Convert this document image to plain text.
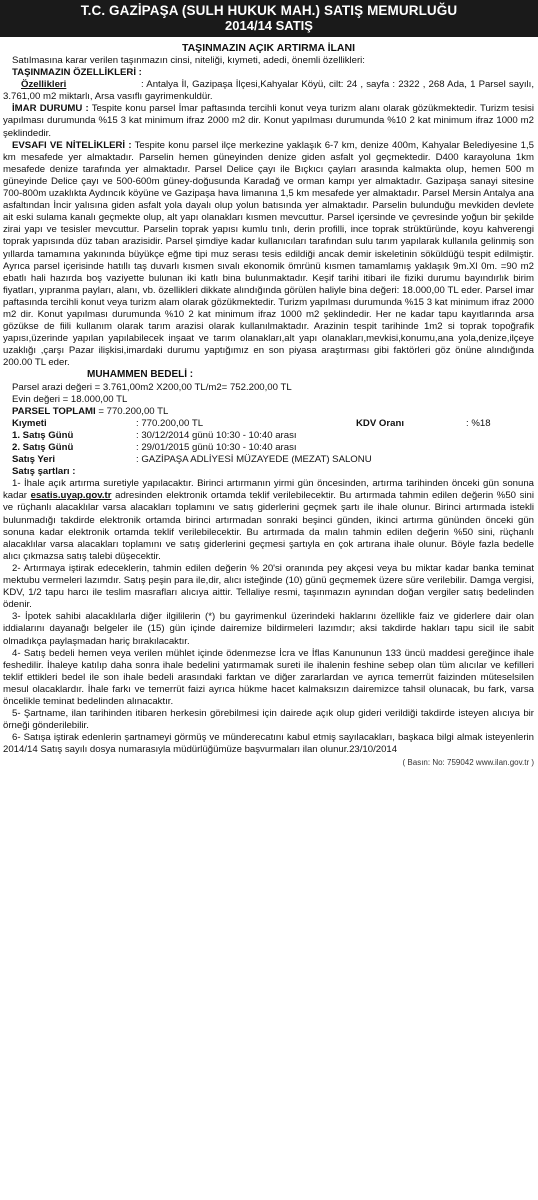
T.C. GAZİPAŞA (SULH HUKUK MAH.) SATIŞ MEMURLUĞU
2014/14 SATIŞ
TAŞINMAZIN AÇIK ARTIRMA İLANI

Satılmasına karar verilen taşınmazın cinsi, niteliği, kıymeti, adedi, önemli özellikleri:

TAŞINMAZIN ÖZELLİKLERİ :

Özellikleri	: Antalya İl, Gazipaşa İlçesi,Kahyalar Köyü, cilt: 24 , sayfa : 2322 , 268 Ada, 1 Parsel sayılı, 3.761,00 m2 miktarlı, Arsa vasıflı gayrimenkuldür.

İMAR DURUMU : Tespite konu parsel İmar paftasında tercihli konut veya turizm alanı olarak gözükmektedir. Turizm tesisi yapılması durumunda %15 3 kat minimum ifraz 2000 m2 dir. Konut yapılması durumunda %10 2 kat minimum ifraz 1000 m2 şeklindedir.

EVSAFI VE NİTELİKLERİ : Tespite konu parsel ilçe merkezine yaklaşık 6-7 km, denize 400m, Kahyalar Belediyesine 1,5 km mesafede yer almaktadır. Parselin hemen güneyinden denize giden asfalt yol geçmektedir. D400 karayoluna 1km mesafede denize tarafında yer almaktadır. Parsel Delice çayı ile Bıçkıcı çayları arasında kalmakta olup, hemen 500 m güneyinde Delice çayı ve 500-600m güney-doğusunda Karadağ ve orman kampı yer almaktadır. Gazipaşa sanayi sitesine 700-800m uzaklıkta Aydıncık köyüne ve Gazipaşa hava limanına 1,5 km mesafede yer almaktadır. Parsel Mersin Antalya ana asfaltından İncir yalısına giden asfalt yola dayalı olup yolun batısında yer almaktadır. Parselin bulunduğu mevkiden devlete ait eski sulama kanalı geçmekte olup, alt yapı olanakları kısmen mevcuttur. Parsel içersinde ve çevresinde yoğun bir şekilde zirai yapı ve tesisler mevcuttur. Parselin toprak yapısı kumlu tınlı, derin profilli, ince toprak strüktüründe, koyu kahverengi toprak yapısında düz taban arazisidir. Parsel şimdiye kadar kullanıcıları tarafından sulu tarım yapılarak kullanıla gelinmiş son yıllarda tamamına yakınında büyükçe eğme tipi muz serası tesis edildiği ancak demir iskeletinin söküldüğü tespit edilmiştir. Ayrıca parsel içerisinde hatıllı taş duvarlı kısmen sıvalı ekonomik ömrünü kısmen tamamlamış yaklaşık 9m.Xl 0m. =90 m2 ebatlı hali hazırda boş vaziyette bulunan iki katlı bina bulunmaktadır. Keşif tarihi itibari ile fiziki durumu bayındırlık birim fiyatları, yıpranma payları, alanı, vb. özellikleri dikkate alındığında görülen haliyle bina değeri: 18.000,00 TL eder. Parsel imar paftasında tercihli konut veya turizm alam olarak gözükmektedir. Turizm yapılması durumunda %15 3 kat minimum ifraz 2000 m2 dir. Konut yapılması durumunda %10 2 kat minimum ifraz 1000 m2 şeklindedir. Her ne kadar tapu kayıtlarında arsa gözükse de fiili kullanım olarak tarım arazisi olarak kullanılmaktadır. Arazinin tespit tarihinde 1m2 si toprak topoğrafik yapısı,üzerinde yapılan yapılabilecek inşaat ve tarım olanakları,alt yapı olanakları,mevkisi,konumu,ana yola,denize,ilçeye uzaklığı ,çarşı Pazar ilişkisi,imardaki durumu yaptığımız en son piyasa araştırması gibi faktörleri göz önüne alındığında 200.00 TL eder.

MUHAMMEN BEDELİ :
Parsel arazi değeri = 3.761,00m2 X200,00 TL/m2= 752.200,00 TL
Evin değeri = 18.000,00 TL
PARSEL TOPLAMI = 770.200,00 TL
Kıymeti	: 770.200,00 TL	KDV Oranı	: %18
1. Satış Günü	: 30/12/2014 günü 10:30 - 10:40 arası
2. Satış Günü	: 29/01/2015 günü 10:30 - 10:40 arası
Satış Yeri	: GAZİPAŞA ADLİYESİ MÜZAYEDE (MEZAT) SALONU
Satış şartları :

1- İhale açık artırma suretiyle yapılacaktır. Birinci artırmanın yirmi gün öncesinden, artırma tarihinden önceki gün sonuna kadar esatis.uyap.gov.tr adresinden elektronik ortamda teklif verilebilecektir. Bu artırmada tahmin edilen değerin %50 sini ve rüçhanlı alacaklılar varsa alacakları toplamını ve satış giderlerini geçmek şartı ile ihale olunur. Birinci artırmada istekli bulunmadığı takdirde elektronik ortamda birinci artırmadan sonraki beşinci günden, ikinci artırma gününden önceki gün sonuna kadar elektronik ortamda teklif verilebilecektir. Bu artırmada da malın tahmin edilen değerin %50 sini, rüçhanlı alacaklılar varsa alacakları toplamını ve satış giderlerini geçmesi şartıyla en çok artırana ihale olunur. Böyle fazla bedelle alıcı çıkmazsa satış talebi düşecektir.

2- Artırmaya iştirak edeceklerin, tahmin edilen değerin % 20'si oranında pey akçesi veya bu miktar kadar banka teminat mektubu vermeleri lazımdır. Satış peşin para ile,dir, alıcı isteğinde (10) günü geçmemek üzere süre verilebilir. Damga vergisi, KDV, 1/2 tapu harcı ile teslim masrafları alıcıya aittir. Tellaliye resmi, taşınmazın aynından doğan vergiler satış bedelinden ödenir.

3- İpotek sahibi alacaklılarla diğer ilgililerin (*) bu gayrimenkul üzerindeki haklarını özellikle faiz ve giderlere dair olan iddialarını dayanağı belgeler ile (15) gün içinde dairemize bildirmeleri lazımdır; aksi takdirde hakları tapu sicil ile sabit olmadıkça paylaşmadan hariç bırakılacaktır.

4- Satış bedeli hemen veya verilen mühlet içinde ödenmezse İcra ve İflas Kanununun 133 üncü maddesi gereğince ihale feshedilir. İhaleye katılıp daha sonra ihale bedelini yatırmamak sureti ile ihalenin feshine sebep olan tüm alıcılar ve kefilleri teklif ettikleri bedel ile son ihale bedeli arasındaki farktan ve diğer zararlardan ve ayrıca temerrüt faizinden müteselsilen mesul olacaklardır. İhale farkı ve temerrüt faizi ayrıca hükme hacet kalmaksızın dairemizce tahsil olunacak, bu fark, varsa öncelikle teminat bedelinden alınacaktır.

5- Şartname, ilan tarihinden itibaren herkesin görebilmesi için dairede açık olup gideri verildiği takdirde isteyen alıcıya bir örneği gönderilebilir.

6- Satışa iştirak edenlerin şartnameyi görmüş ve münderecatını kabul etmiş sayılacakları, başkaca bilgi almak isteyenlerin 2014/14 Satış sayılı dosya numarasıyla müdürlüğümüze başvurmaları ilan olunur.23/10/2014

( Basın: No: 759042 www.ilan.gov.tr )
